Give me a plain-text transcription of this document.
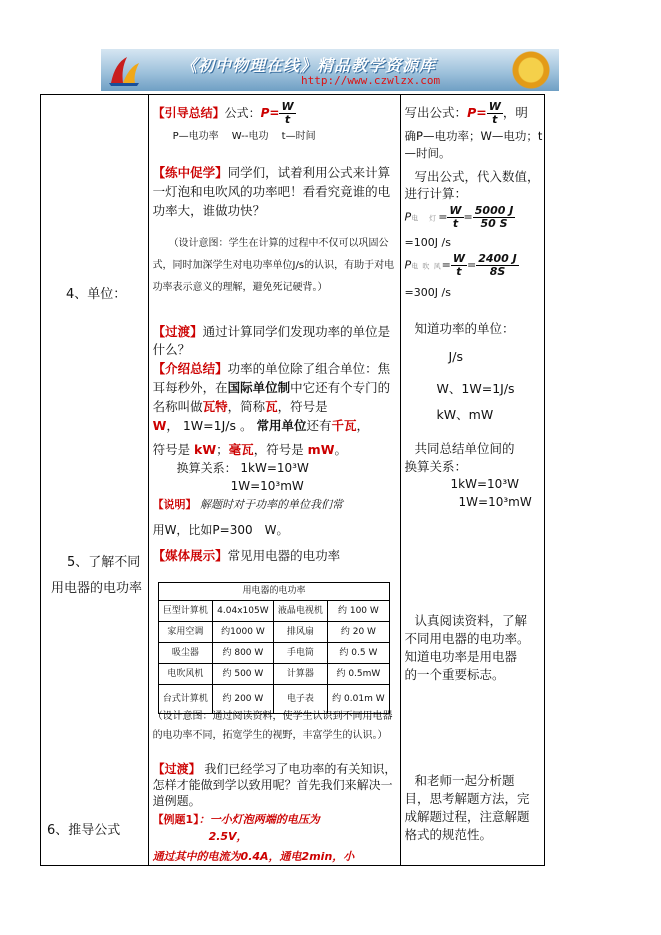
《初中物理在线》精品教学资源库
http://www.czwlzx.com
4、单位：
5、了解不同
用电器的电功率
6、推导公式

【引导总结】公式：$P= \frac{W}{t}$
P—电功率　 W--电功　 t—时间
【练中促学】同学们，试着利用公式来计算一灯泡和电吹风的功率吧！看看究竟谁的电功率大，谁做功快？
（设计意图：学生在计算的过程中不仅可以巩固公式，同时加深学生对电功率单位J/s的认识，有助于对电功率表示意义的理解，避免死记硬背。）
【过渡】通过计算同学们发现功率的单位是什么？
【介绍总结】功率的单位除了组合单位：焦耳每秒外，在国际单位制中它还有个专门的名称叫做瓦特，简称瓦，符号是
W， 1W=1J/s 。 常用单位还有千瓦，
符号是 kW；毫瓦，符号是 mW。
换算关系： 1kW=10³W
1W=10³mW
【说明】 解题时对于功率的单位我们常
用W，比如P=300　W。
【媒体展示】常见用电器的电功率
（设计意图：通过阅读资料，使学生认识到不同用电器的电功率不同，拓宽学生的视野，丰富学生的认识。）
【过渡】 我们已经学习了电功率的有关知识，怎样才能做到学以致用呢？首先我们来解决一道例题。
【例题1】：一小灯泡两端的电压为
2.5V，
通过其中的电流为0.4A，通电2min，小

写出公式：$P= \frac{W}{t}$ ，明
确P—电功率；W—电功；t
—时间。
写出公式，代入数值，
进行计算：
P电　灯= $\frac{W}{t} = \frac{5000 J}{50 S}$
=100J /s
P电 吹 风= $\frac{W}{t} = \frac{2400 J}{8S}$
=300J /s
知道功率的单位：
J/s
W、1W=1J/s
kW、mW
共同总结单位间的
换算关系：
1kW=10³W
1W=10³mW
认真阅读资料，了解
不同用电器的电功率。
知道电功率是用电器
的一个重要标志。
和老师一起分析题
目，思考解题方法，完
成解题过程，注意解题
格式的规范性。
用电器的电功率			
巨型计算机	4.04x105W	液晶电视机	约 100 W
家用空调	约1000 W	排风扇	约 20 W
吸尘器	约 800 W	手电筒	约 0.5 W
电吹风机	约 500 W	计算器	约 0.5mW
台式计算机	约 200 W	电子表	约 0.01m W
